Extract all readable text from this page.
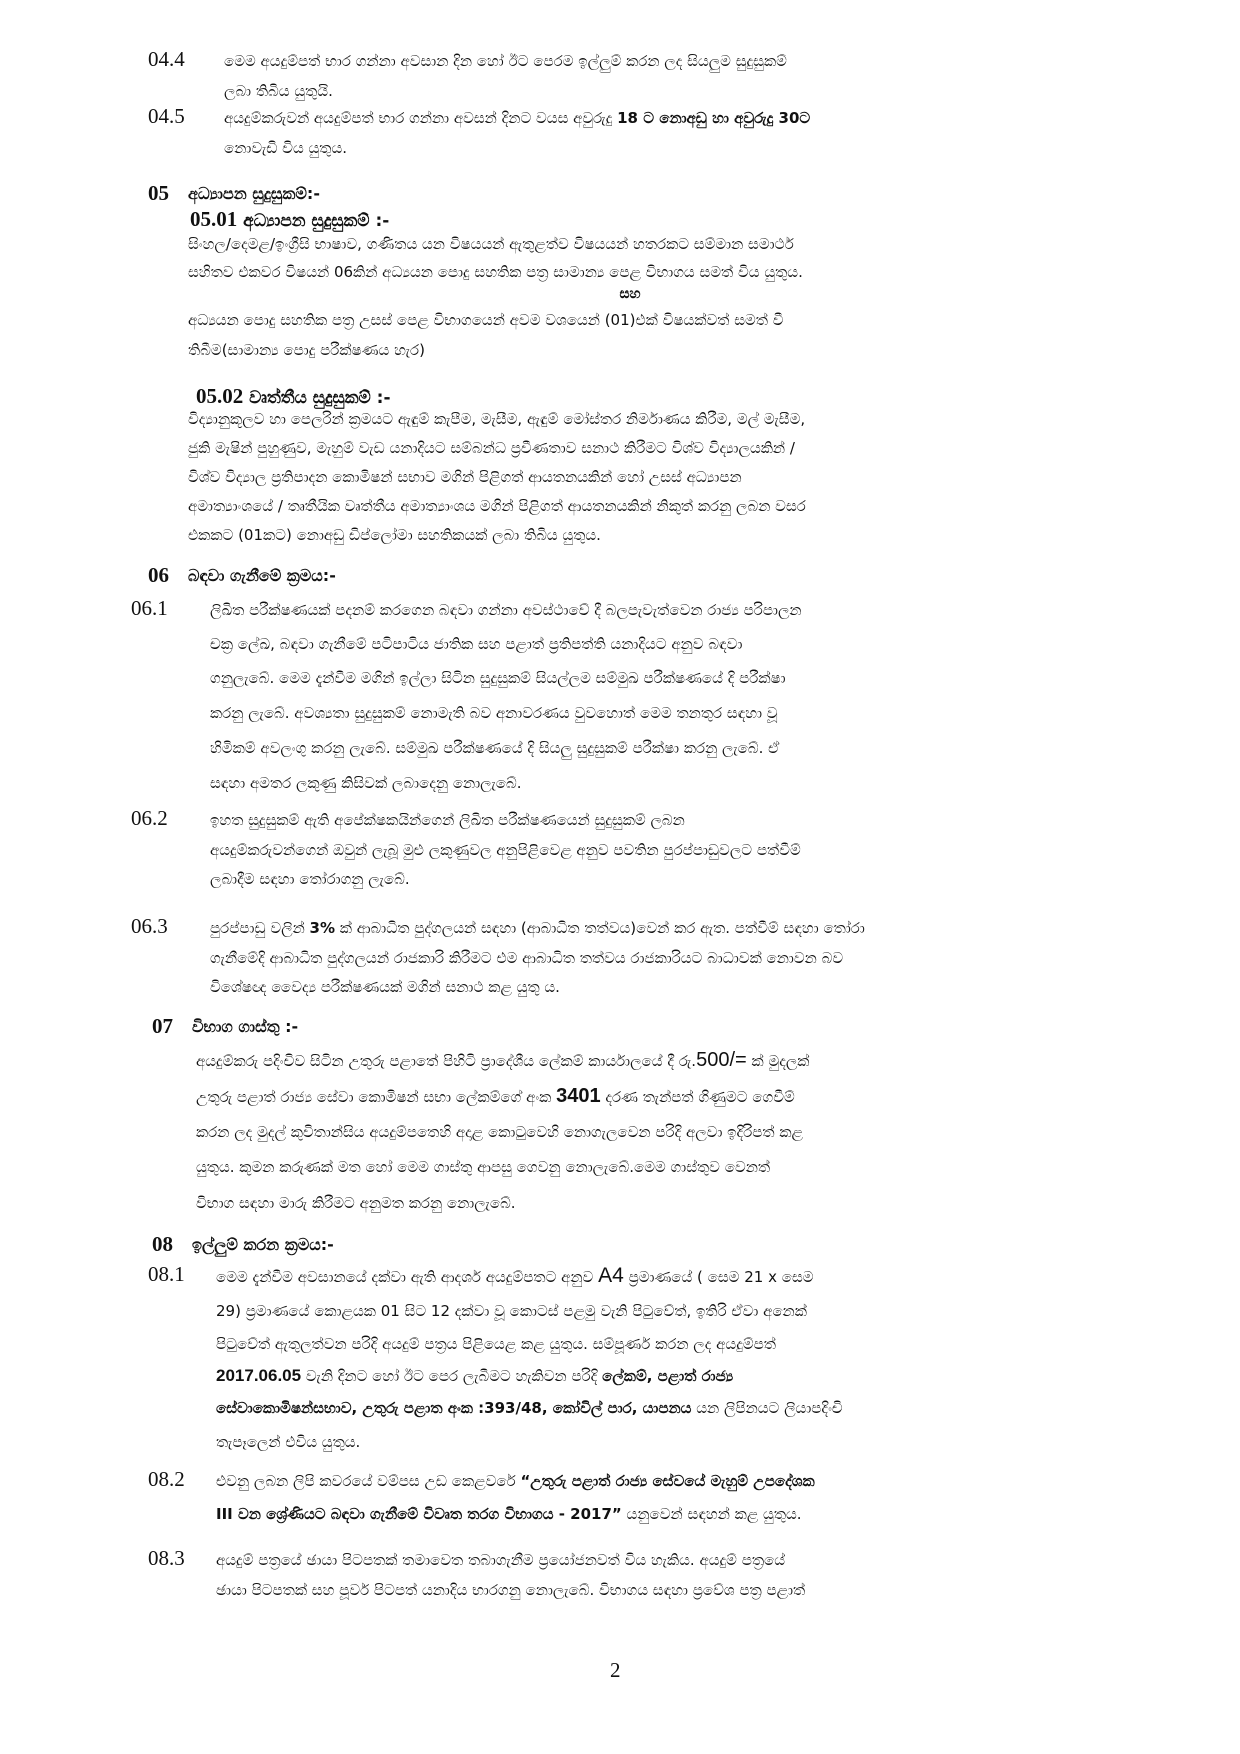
04.4	මෙම අයදුම්පත් භාර ගන්නා අවසාන දින හෝ ඊට පෙරම ඉල්ලුම් කරන ලද සියලුම සුදුසුකම්
ලබා තිබිය යුතුයි.
04.5	අයදුම්කරුවන් අයදුම්පත් භාර ගන්නා අවසන් දිනට වයස අවුරුදු 18 ට නොඅඩු හා අවුරුදු 30ට
නොවැඩි විය යුතුය.
05 අධ්‍යාපන සුදුසුකම්:-
05.01 අධ්‍යාපන සුදුසුකම් :-
සිංහල/දෙමළ/ඉංග්‍රීසි භාෂාව, ගණිතය යන විෂයයන් ඇතුළත්ව විෂයයන් හතරකට සම්මාන සමාර්ථ
සහිතව එකවර විෂයන් 06කින් අධ්‍යයන පොදු සහතික පත්‍ර සාමාන්‍ය පෙළ විභාගය සමත් විය යුතුය.
සහ
අධ්‍යයන පොදු සහතික පත්‍ර උසස් පෙළ විභාගයෙන් අවම වශයෙන් (01)එක් විෂයක්වත් සමත් වී
තිබීම(සාමාන්‍ය පොදු පරීක්ෂණය හැර)
05.02 වෘත්තීය සුදුසුකම් :-
විද්‍යානුකූලව හා පෙලරින් ක්‍රමයට ඇඳුම් කැපීම, මැසීම, ඇඳුම් මෝස්තර නිර්මාණය කිරීම, මල් මැසීම,
ජුකි මැෂින් පුහුණුව, මැහුම් වැඩ යනාදියට සම්බන්ධ ප්‍රවීණතාව සනාථ කිරීමට විශ්ව විද්‍යාලයකින් /
විශ්ව විද්‍යාල ප්‍රතිපාදන කොමිෂන් සභාව මගින් පිළිගත් ආයතනයකින් හෝ උසස් අධ්‍යාපන
අමාත්‍යාංශයේ / තෘතීයික වෘත්තීය අමාත්‍යාංශය මගින් පිළිගත් ආයතනයකින් නිකුත් කරනු ලබන වසර
එකකට (01කට) නොඅඩු ඩිප්ලෝමා සහතිකයක් ලබා තිබිය යුතුය.
06 බඳවා ගැනීමේ ක්‍රමය:-
06.1	ලිඛිත පරීක්ෂණයක් පදනම් කරගෙන බඳවා ගන්නා අවස්ථාවේ දී බලපැවැත්වෙන රාජ්‍ය පරිපාලන
චක්‍ර ලේඛ, බඳවා ගැනීමේ පටිපාටිය ජාතික සහ පළාත් ප්‍රතිපත්ති යනාදියට අනුව බඳවා
ගනුලැබේ. මෙම දැන්වීම මගින් ඉල්ලා සිටින සුදුසුකම් සියල්ලම සම්මුඛ පරීක්ෂණයේ දි පරීක්ෂා
කරනු ලැබේ. අවශ්‍යතා සුදුසුකම් නොමැති බව අනාවරණය වුවහොත් මෙම තනතුර සඳහා වූ
හිමිකම් අවලංගු කරනු ලැබේ. සම්මුඛ පරීක්ෂණයේ දි සියලු සුදුසුකම් පරීක්ෂා කරනු ලැබේ. ඒ
සඳහා අමතර ලකුණු කිසිවක් ලබාදෙනු නොලැබේ.
06.2	ඉහත සුදුසුකම් ඇති අපේක්ෂකයින්ගෙන් ලිඛිත පරීක්ෂණයෙන් සුදුසුකම් ලබන
අයදුම්කරුවන්ගෙන් ඔවුන් ලැබූ මුළු ලකුණුවල අනුපිළිවෙළ අනුව පවතින පුරප්පාඩුවලට පත්වීම්
ලබාදීම සඳහා තෝරාගනු ලැබේ.
06.3	පුරප්පාඩු වලින් 3% ක් ආබාධිත පුද්ගලයන් සඳහා (ආබාධිත තත්වය)වෙන් කර ඇත. පත්වීම් සඳහා තෝරා
ගැනීමේදි ආබාධිත පුද්ගලයන් රාජකාරි කිරීමට එම ආබාධිත තත්වය රාජකාරියට බාධාවක් නොවන බව
විශේෂඥ වෛද්‍ය පරීක්ෂණයක් මගින් සනාථ කළ යුතු ය.
07 විභාග ගාස්තු :-
අයදුම්කරු පදිංචිව සිටින උතුරු පළාතේ පිහිටි ප්‍රාදේශීය ලේකම් කාර්යාලයේ දී රු.500/= ක් මුදලක්
උතුරු පළාත් රාජ්‍ය සේවා කොමිෂන් සභා ලේකම්ගේ අංක 3401 දරණ තැන්පත් ගිණුමට ගෙවීම්
කරන ලද මුදල් කුවිතාන්සිය අයදුම්පතෙහි අදාළ කොටුවෙහි නොගැලවෙන පරිදි අලවා ඉදිරිපත් කළ
යුතුය. කුමන කරුණක් මත හෝ මෙම ගාස්තු ආපසු ගෙවනු නොලැබේ.මෙම ගාස්තුව වෙනත්
විභාග සඳහා මාරු කිරීමට අනුමත කරනු නොලැබේ.
08 ඉල්ලුම් කරන ක්‍රමය:-
08.1 මෙම දැන්වීම අවසානයේ දක්වා ඇති ආදර්ශ අයදුම්පතට අනුව A4 ප්‍රමාණයේ ( සෙම 21 x සෙම
29) ප්‍රමාණයේ කොළයක 01 සිට 12 දක්වා වූ කොටස් පළමු වැනි පිටුවේත්, ඉතිරි ඒවා අනෙක්
පිටුවේත් ඇතුලත්වන පරිදි අයදුම් පත්‍රය පිළියෙළ කළ යුතුය. සම්පූර්ණ කරන ලද අයදුම්පත්
2017.06.05 වැනි දිනට හෝ ඊට පෙර ලැබීමට හැකිවන පරිදි ලේකම්, පළාත් රාජ්‍ය
සේවාකොමිෂන්සභාව, උතුරු පළාත අංක :393/48, කෝවිල් පාර, යාපනය යන ලිපිනයට ලියාපදිංචි
තැපෑලෙන් එවිය යුතුය.
08.2 එවනු ලබන ලිපි කවරයේ වම්පස උඩ කෙළවරේ “උතුරු පළාත් රාජ්‍ය සේවයේ මැහුම් උපදේශක
III වන ශ්‍රේණියට බඳවා ගැනීමේ විවෘත තරග විභාගය - 2017” යනුවෙන් සඳහන් කළ යුතුය.
08.3 අයදුම් පත්‍රයේ ඡායා පිටපතක් තමාවෙත තබාගැනීම ප්‍රයෝජනවත් විය හැකිය. අයදුම් පත්‍රයේ
ඡායා පිටපතක් සහ පූර්ව පිටපත් යනාදිය භාරගනු නොලැබේ. විභාගය සඳහා ප්‍රවේශ පත්‍ර පළාත්
2
